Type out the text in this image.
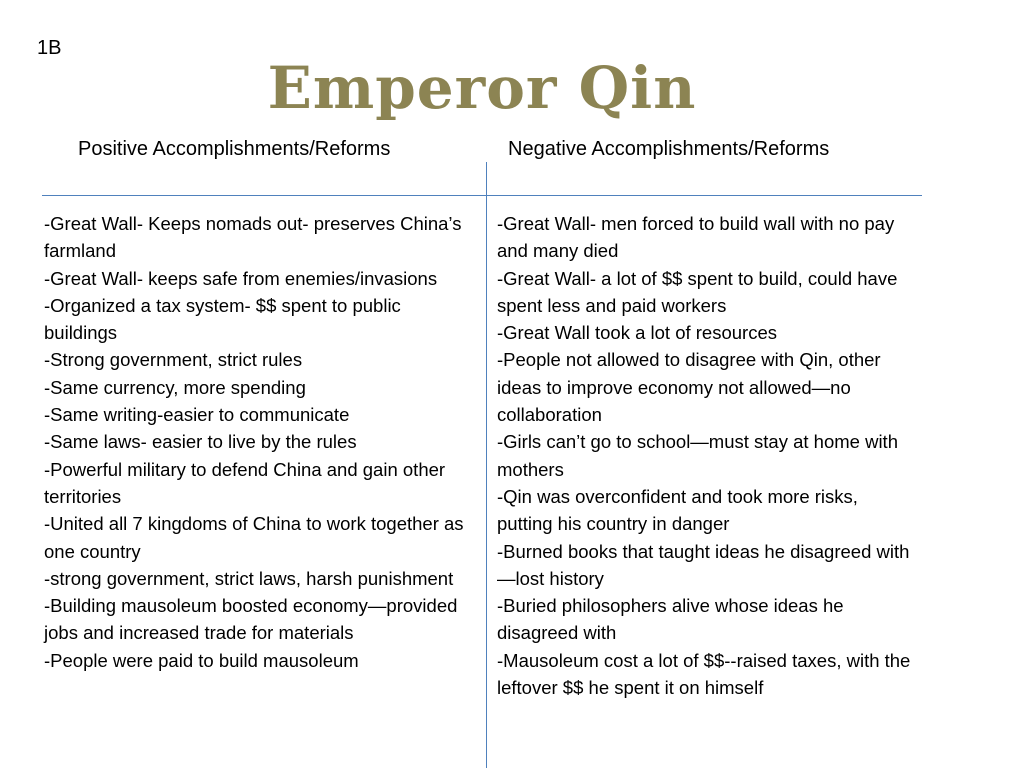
1B
Emperor Qin
Positive Accomplishments/Reforms	Negative Accomplishments/Reforms
-Great Wall- Keeps nomads out- preserves China’s farmland
-Great Wall- keeps safe from enemies/invasions
-Organized a tax system- $$ spent to public buildings
-Strong government, strict rules
-Same currency, more spending
-Same writing-easier to communicate
-Same laws- easier to live by the rules
-Powerful military to defend China and gain other territories
-United all 7 kingdoms of China to work together as one country
-strong government, strict laws, harsh punishment
-Building mausoleum boosted economy—provided jobs and increased trade for materials
-People were paid to build mausoleum
-Great Wall- men forced to build wall with no pay and many died
-Great Wall- a lot of $$ spent to build, could have spent less and paid workers
-Great Wall took a lot of resources
-People not allowed to disagree with Qin, other ideas to improve economy not allowed—no collaboration
-Girls can’t go to school—must stay at home with mothers
-Qin was overconfident and took more risks, putting his country in danger
-Burned books that taught ideas he disagreed with—lost history
-Buried philosophers alive whose ideas he disagreed with
-Mausoleum cost a lot of $$--raised taxes, with the leftover $$ he spent it on himself
